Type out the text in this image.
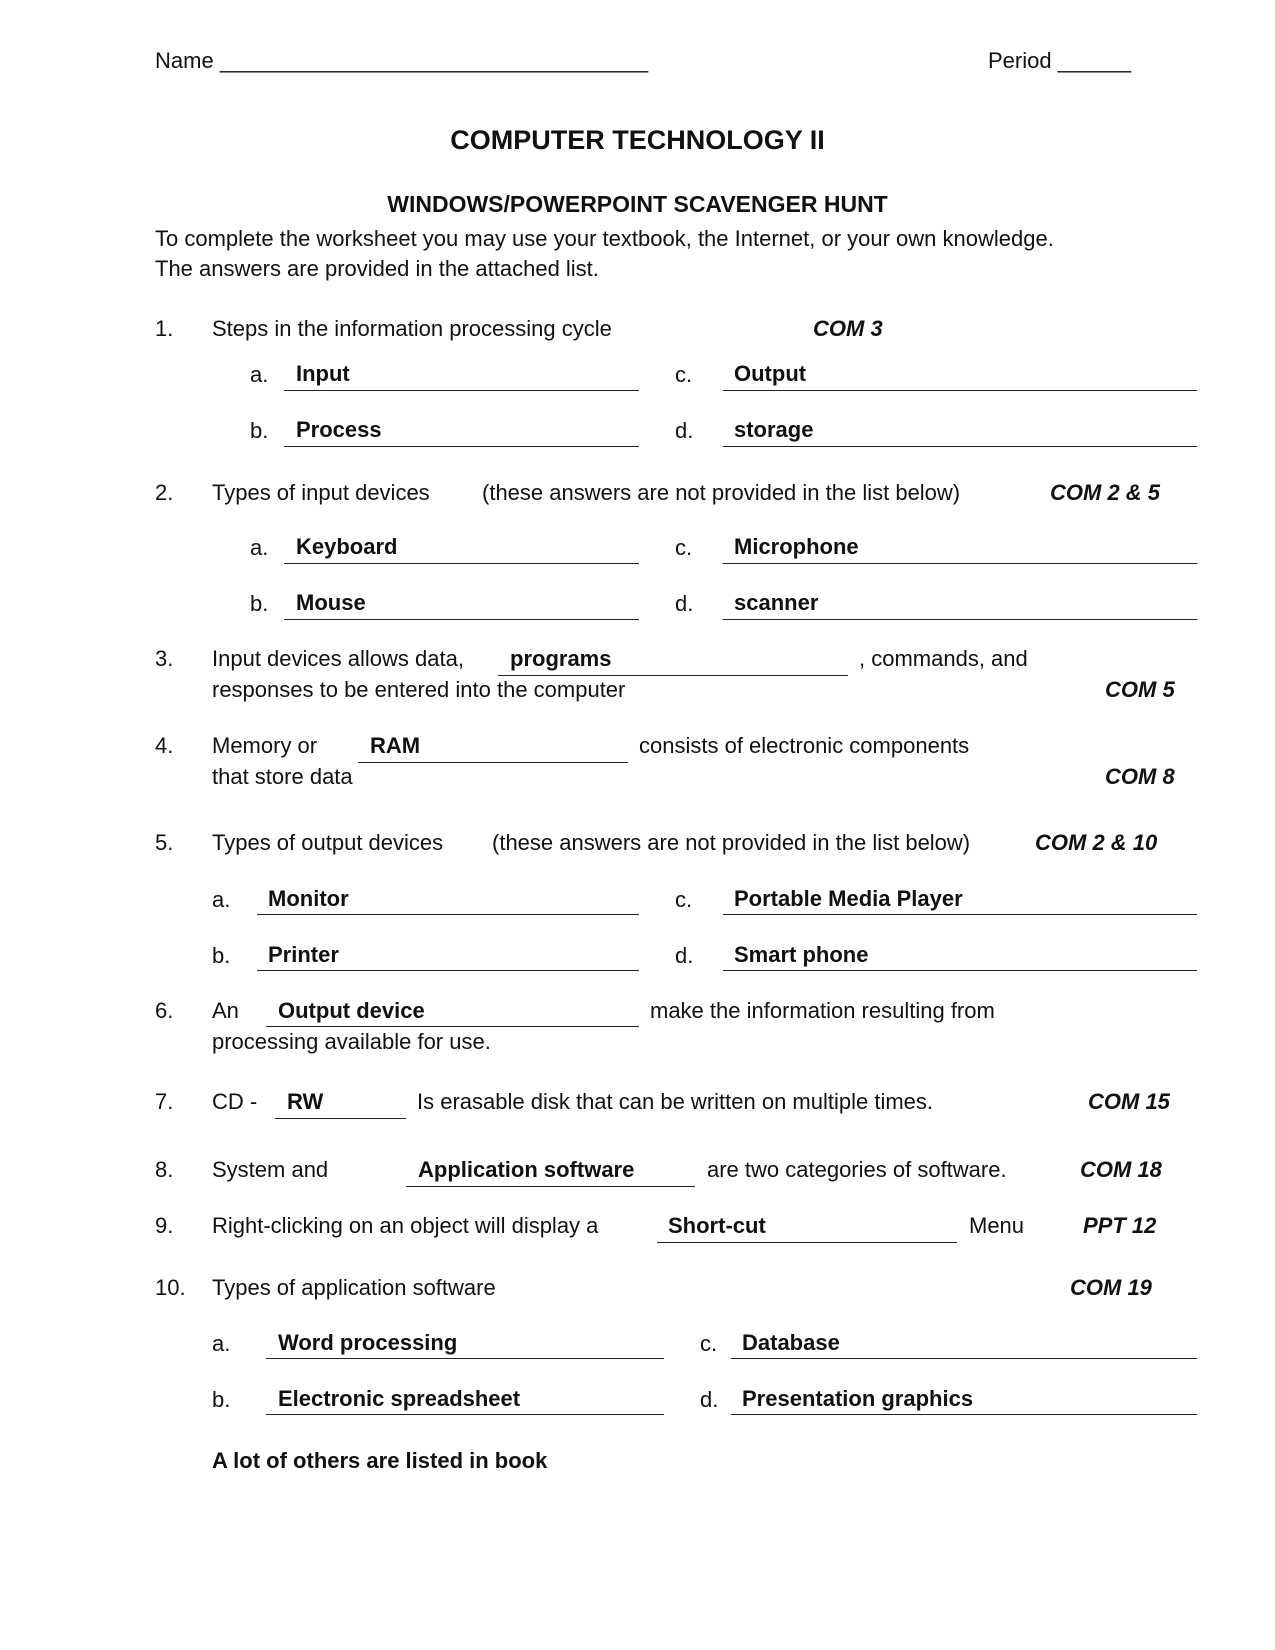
Name ___________________________________	Period ______
COMPUTER TECHNOLOGY II
WINDOWS/POWERPOINT SCAVENGER HUNT
To complete the worksheet you may use your textbook, the Internet, or your own knowledge.
The answers are provided in the attached list.
1. Steps in the information processing cycle	COM 3
a. Input	c. Output
b. Process	d. storage
2. Types of input devices (these answers are not provided in the list below)	COM 2 & 5
a. Keyboard	c. Microphone
b. Mouse	d. scanner
3. Input devices allows data, programs	, commands, and
responses to be entered into the computer	COM 5
4. Memory or RAM	consists of electronic components
that store data	COM 8
5. Types of output devices (these answers are not provided in the list below)	COM 2 & 10
a. Monitor	c. Portable Media Player
b. Printer	d. Smart phone
6. An Output device	make the information resulting from
processing available for use.
7. CD - RW	Is erasable disk that can be written on multiple times.	COM 15
8. System and	Application software	are two categories of software.	COM 18
9. Right-clicking on an object will display a	Short-cut	Menu	PPT 12
10. Types of application software	COM 19
a. Word processing	c. Database
b. Electronic spreadsheet	d. Presentation graphics
A lot of others are listed in book
